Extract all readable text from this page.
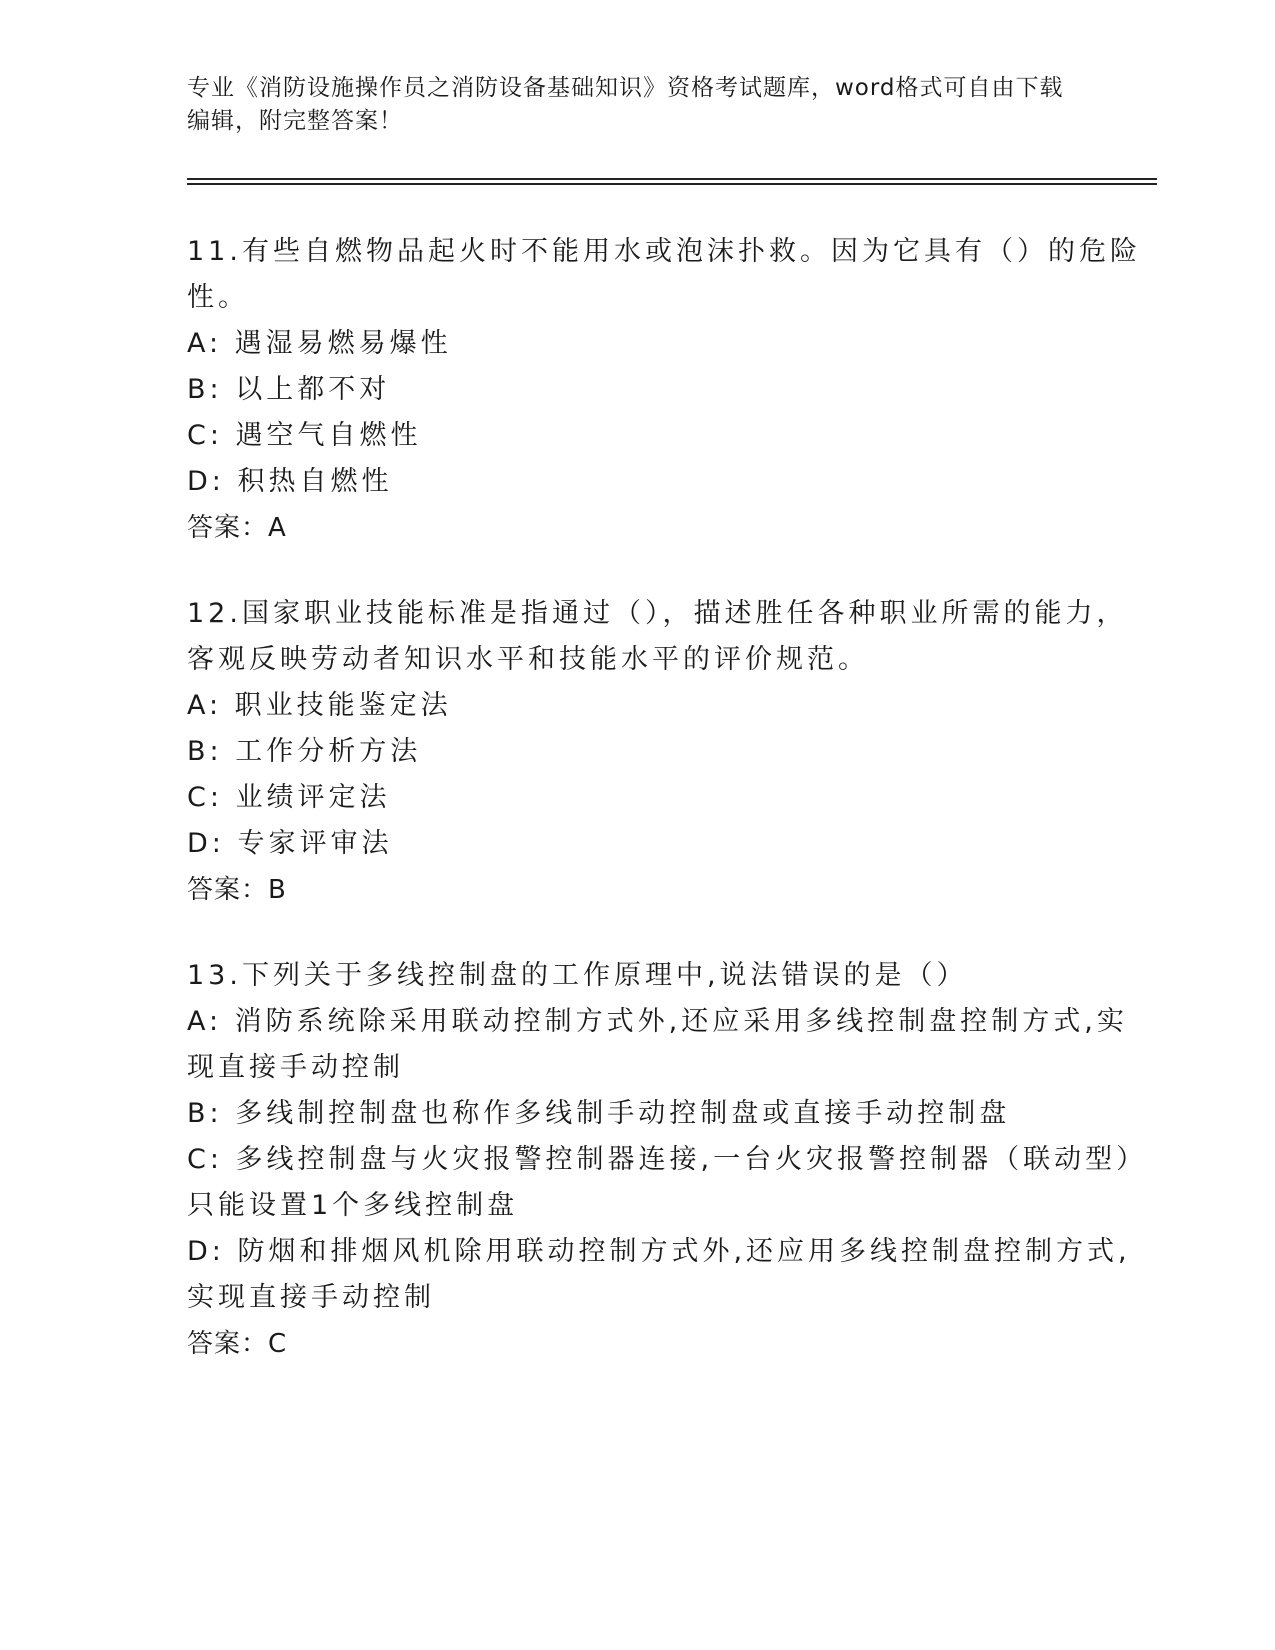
专业《消防设施操作员之消防设备基础知识》资格考试题库，word格式可自由下载编辑，附完整答案！

11.有些自燃物品起火时不能用水或泡沫扑救。因为它具有（）的危险性。

A: 遇湿易燃易爆性

B: 以上都不对

C: 遇空气自燃性

D: 积热自燃性

答案：A

12.国家职业技能标准是指通过（），描述胜任各种职业所需的能力，客观反映劳动者知识水平和技能水平的评价规范。

A: 职业技能鉴定法

B: 工作分析方法

C: 业绩评定法

D: 专家评审法

答案：B

13.下列关于多线控制盘的工作原理中,说法错误的是（）

A: 消防系统除采用联动控制方式外,还应采用多线控制盘控制方式,实现直接手动控制

B: 多线制控制盘也称作多线制手动控制盘或直接手动控制盘

C: 多线控制盘与火灾报警控制器连接,一台火灾报警控制器（联动型）只能设置1个多线控制盘

D: 防烟和排烟风机除用联动控制方式外,还应用多线控制盘控制方式,实现直接手动控制

答案：C
